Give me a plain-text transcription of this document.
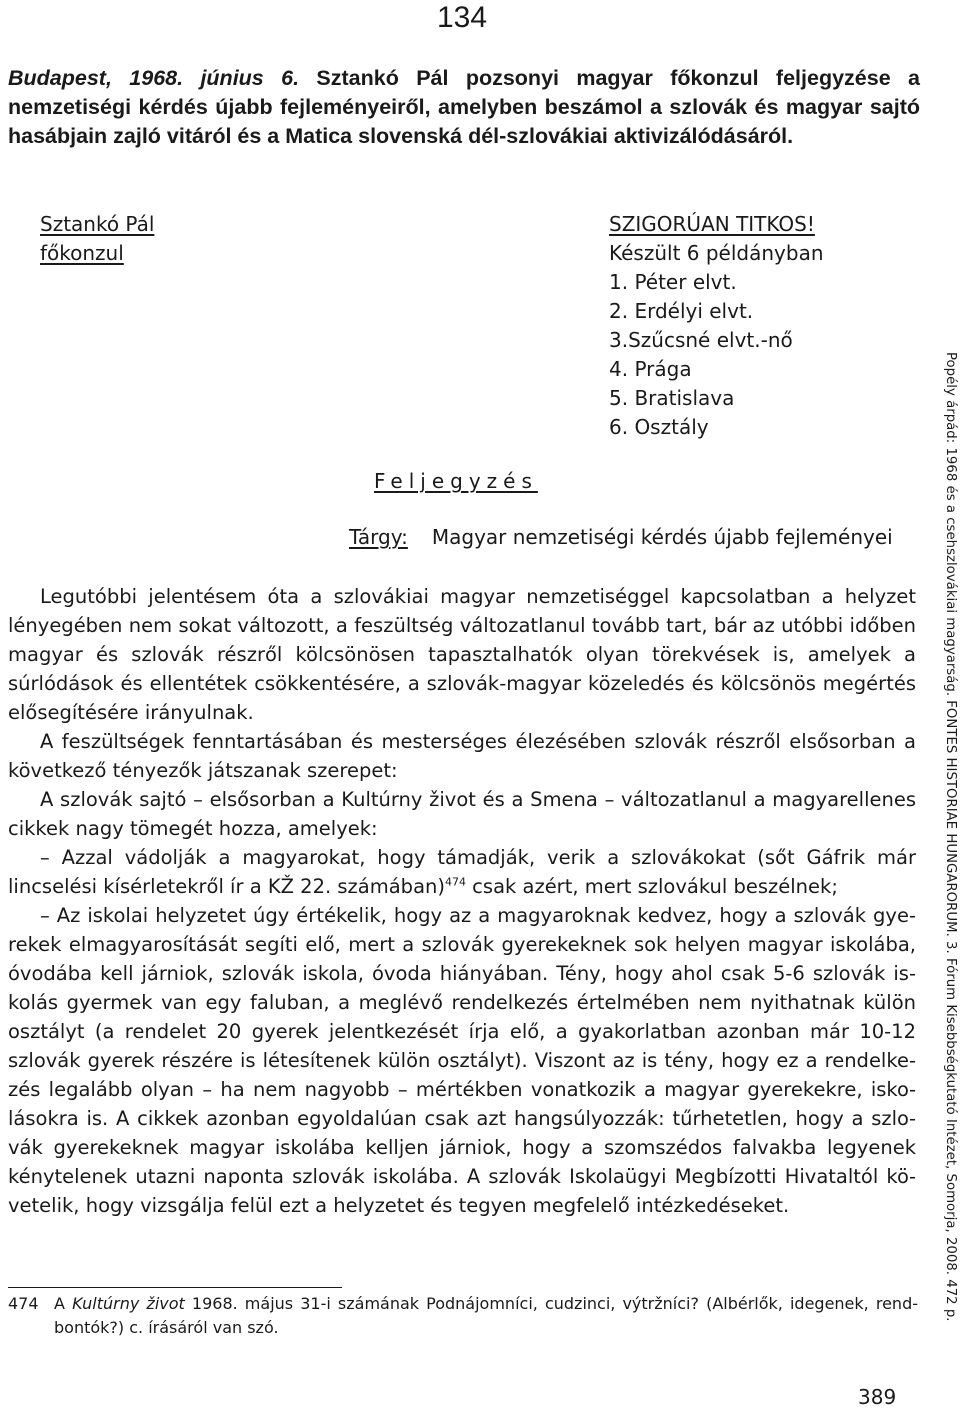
134
Budapest, 1968. június 6. Sztankó Pál pozsonyi magyar főkonzul feljegyzése a nemzetiségi kérdés újabb fejleményeiről, amelyben beszámol a szlovák és magyar sajtó hasábjain zajló vitáról és a Matica slovenská dél-szlovákiai aktivizálódásáról.
Sztankó Pál
főkonzul
SZIGORÚAN TITKOS!
Készült 6 példányban
1. Péter elvt.
2. Erdélyi elvt.
3.Szűcsné elvt.-nő
4. Prága
5. Bratislava
6. Osztály
Feljegyzés
Tárgy: Magyar nemzetiségi kérdés újabb fejleményei

Legutóbbi jelentésem óta a szlovákiai magyar nemzetiséggel kapcsolatban a helyzet lényegében nem sokat változott, a feszültség változatlanul tovább tart, bár az utóbbi időben magyar és szlovák részről kölcsönösen tapasztalhatók olyan törekvések is, amelyek a súrlódások és ellentétek csökkentésére, a szlovák-magyar közeledés és kölcsönös megértés elősegítésére irányulnak.

A feszültségek fenntartásában és mesterséges élezésében szlovák részről elsősorban a következő tényezők játszanak szerepet:

A szlovák sajtó – elsősorban a Kultúrny život és a Smena – változatlanul a magyarellenes cikkek nagy tömegét hozza, amelyek:

– Azzal vádolják a magyarokat, hogy támadják, verik a szlovákokat (sőt Gáfrik már lincselési kísérletekről ír a KŽ 22. számában)$^{474}$ csak azért, mert szlovákul beszélnek;

– Az iskolai helyzetet úgy értékelik, hogy az a magyaroknak kedvez, hogy a szlovák gyerekek elmagyarosítását segíti elő, mert a szlovák gyerekeknek sok helyen magyar iskolába, óvodába kell járniok, szlovák iskola, óvoda hiányában. Tény, hogy ahol csak 5-6 szlovák iskolás gyermek van egy faluban, a meglévő rendelkezés értelmében nem nyithatnak külön osztályt (a rendelet 20 gyerek jelentkezését írja elő, a gyakorlatban azonban már 10-12 szlovák gyerek részére is létesítenek külön osztályt). Viszont az is tény, hogy ez a rendelkezés legalább olyan – ha nem nagyobb – mértékben vonatkozik a magyar gyerekekre, iskolásokra is. A cikkek azonban egyoldalúan csak azt hangsúlyozzák: tűrhetetlen, hogy a szlovák gyerekeknek magyar iskolába kelljen járniok, hogy a szomszédos falvakba legyenek kénytelenek utazni naponta szlovák iskolába. A szlovák Iskolaügyi Megbízotti Hivataltól követelik, hogy vizsgálja felül ezt a helyzetet és tegyen megfelelő intézkedéseket.

474 A Kultúrny život 1968. május 31-i számának Podnájomníci, cudzinci, výtržníci? (Albérlők, idegenek, rendbontók?) c. írásáról van szó.
389
Popély árpád: 1968 és a csehszlovákiai magyarság. FONTES HISTORIAE HUNGARORUM. 3. Fórum Kisebbségkutató Intézet, Somorja, 2008. 472 p.
